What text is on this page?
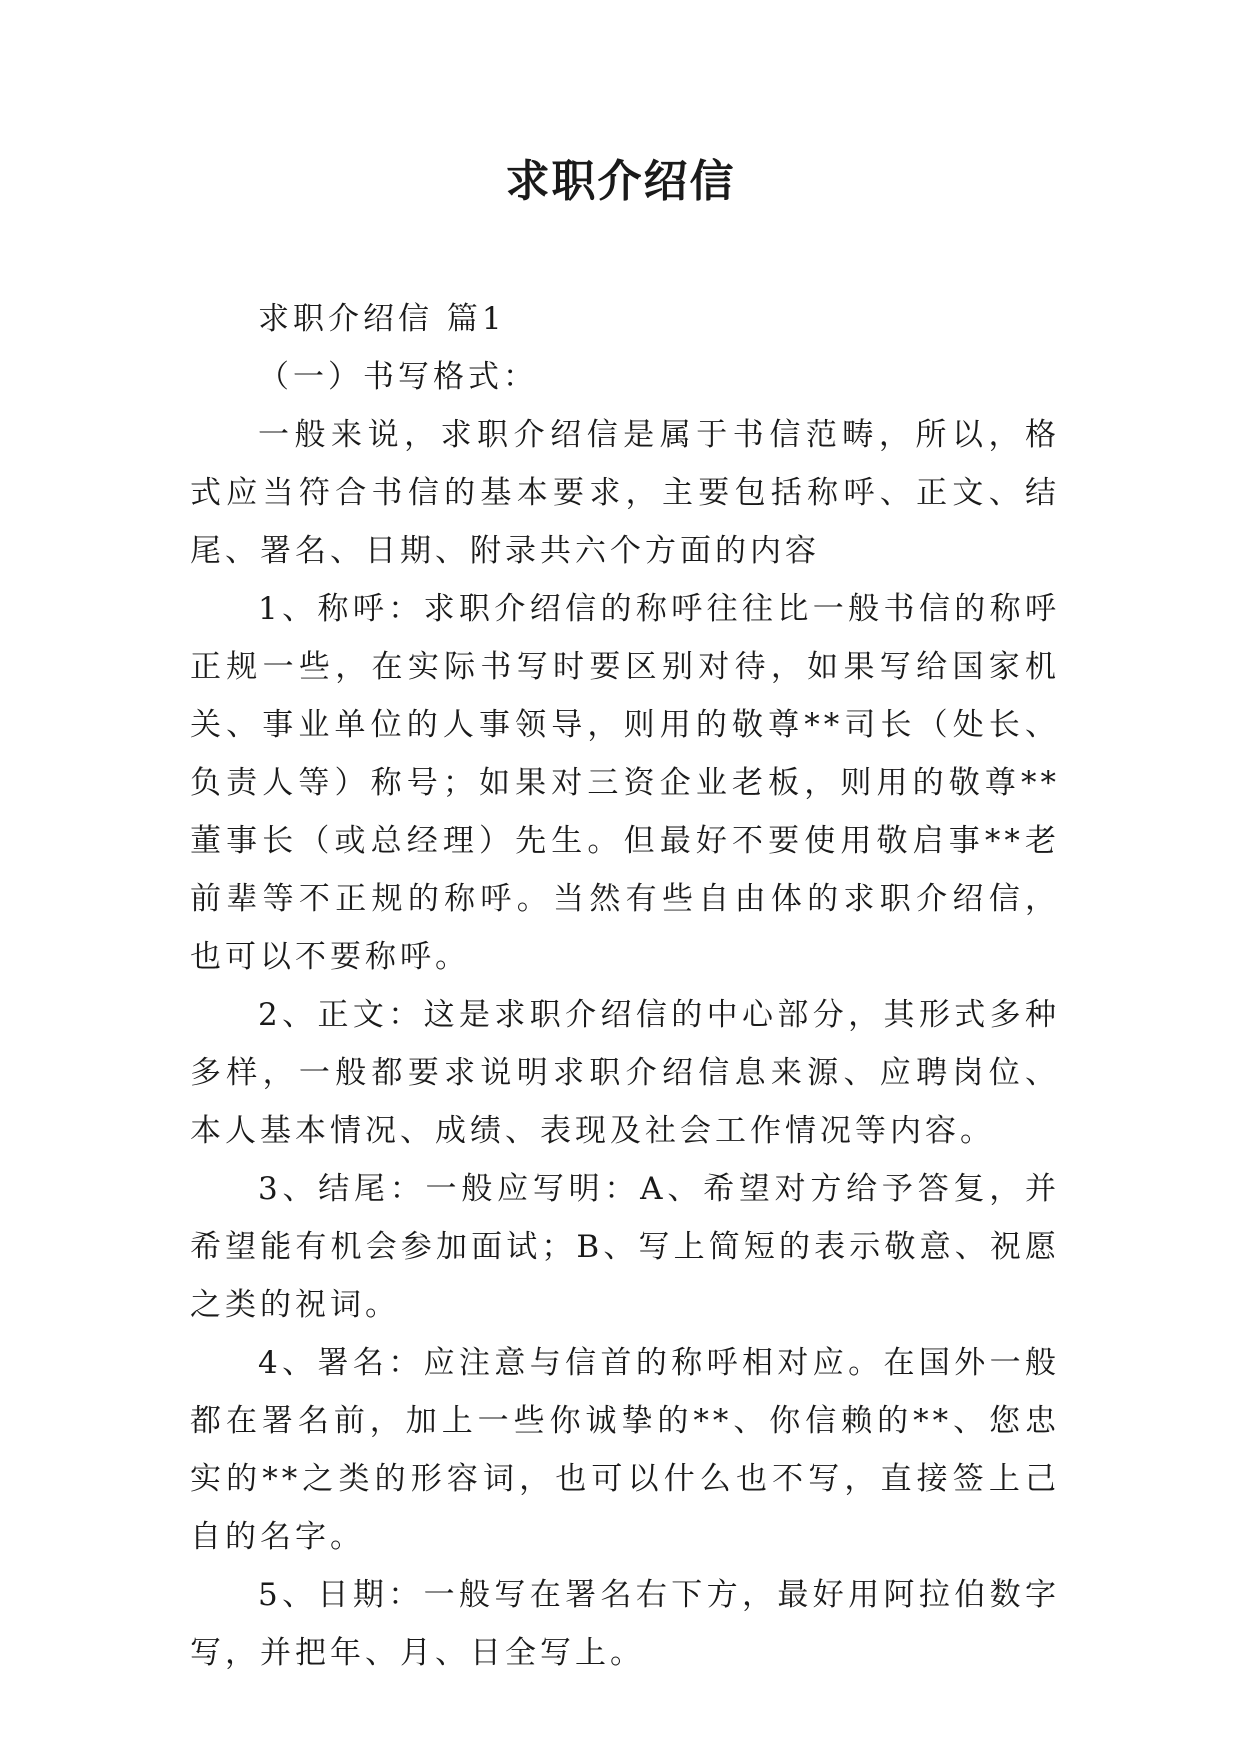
求职介绍信

求职介绍信 篇1

（一）书写格式：

一般来说，求职介绍信是属于书信范畴，所以，格式应当符合书信的基本要求，主要包括称呼、正文、结尾、署名、日期、附录共六个方面的内容

1、称呼：求职介绍信的称呼往往比一般书信的称呼正规一些，在实际书写时要区别对待，如果写给国家机关、事业单位的人事领导，则用的敬尊**司长（处长、负责人等）称号；如果对三资企业老板，则用的敬尊**董事长（或总经理）先生。但最好不要使用敬启事**老前辈等不正规的称呼。当然有些自由体的求职介绍信，也可以不要称呼。

2、正文：这是求职介绍信的中心部分，其形式多种多样，一般都要求说明求职介绍信息来源、应聘岗位、本人基本情况、成绩、表现及社会工作情况等内容。

3、结尾：一般应写明：A、希望对方给予答复，并希望能有机会参加面试；B、写上简短的表示敬意、祝愿之类的祝词。

4、署名：应注意与信首的称呼相对应。在国外一般都在署名前，加上一些你诚挚的**、你信赖的**、您忠实的**之类的形容词，也可以什么也不写，直接签上己自的名字。

5、日期：一般写在署名右下方，最好用阿拉伯数字写，并把年、月、日全写上。
